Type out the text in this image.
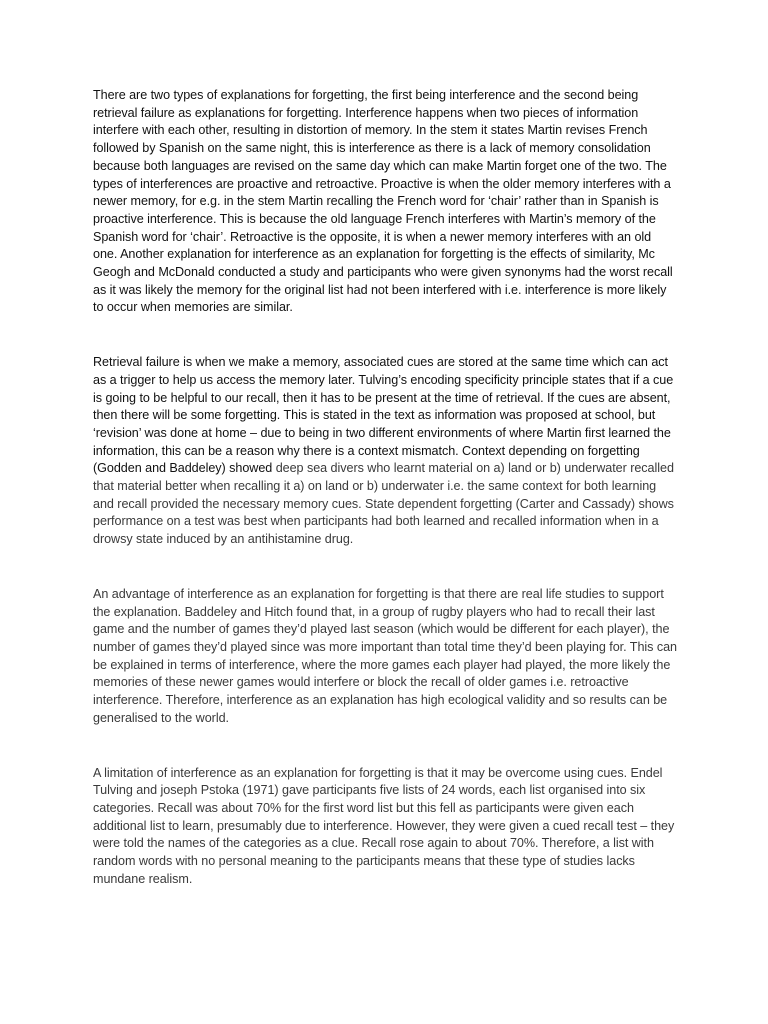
There are two types of explanations for forgetting, the first being interference and the second being retrieval failure as explanations for forgetting. Interference happens when two pieces of information interfere with each other, resulting in distortion of memory. In the stem it states Martin revises French followed by Spanish on the same night, this is interference as there is a lack of memory consolidation because both languages are revised on the same day which can make Martin forget one of the two. The types of interferences are proactive and retroactive. Proactive is when the older memory interferes with a newer memory, for e.g. in the stem Martin recalling the French word for ‘chair’ rather than in Spanish is proactive interference. This is because the old language French interferes with Martin’s memory of the Spanish word for ‘chair’. Retroactive is the opposite, it is when a newer memory interferes with an old one. Another explanation for interference as an explanation for forgetting is the effects of similarity, Mc Geogh and McDonald conducted a study and participants who were given synonyms had the worst recall as it was likely the memory for the original list had not been interfered with i.e. interference is more likely to occur when memories are similar.

Retrieval failure is when we make a memory, associated cues are stored at the same time which can act as a trigger to help us access the memory later. Tulving’s encoding specificity principle states that if a cue is going to be helpful to our recall, then it has to be present at the time of retrieval. If the cues are absent, then there will be some forgetting. This is stated in the text as information was proposed at school, but ‘revision’ was done at home – due to being in two different environments of where Martin first learned the information, this can be a reason why there is a context mismatch. Context depending on forgetting (Godden and Baddeley) showed deep sea divers who learnt material on a) land or b) underwater recalled that material better when recalling it a) on land or b) underwater i.e. the same context for both learning and recall provided the necessary memory cues. State dependent forgetting (Carter and Cassady) shows performance on a test was best when participants had both learned and recalled information when in a drowsy state induced by an antihistamine drug.

An advantage of interference as an explanation for forgetting is that there are real life studies to support the explanation. Baddeley and Hitch found that, in a group of rugby players who had to recall their last game and the number of games they’d played last season (which would be different for each player), the number of games they’d played since was more important than total time they’d been playing for. This can be explained in terms of interference, where the more games each player had played, the more likely the memories of these newer games would interfere or block the recall of older games i.e. retroactive interference. Therefore, interference as an explanation has high ecological validity and so results can be generalised to the world.

A limitation of interference as an explanation for forgetting is that it may be overcome using cues. Endel Tulving and joseph Pstoka (1971) gave participants five lists of 24 words, each list organised into six categories. Recall was about 70% for the first word list but this fell as participants were given each additional list to learn, presumably due to interference. However, they were given a cued recall test – they were told the names of the categories as a clue. Recall rose again to about 70%. Therefore, a list with random words with no personal meaning to the participants means that these type of studies lacks mundane realism.
